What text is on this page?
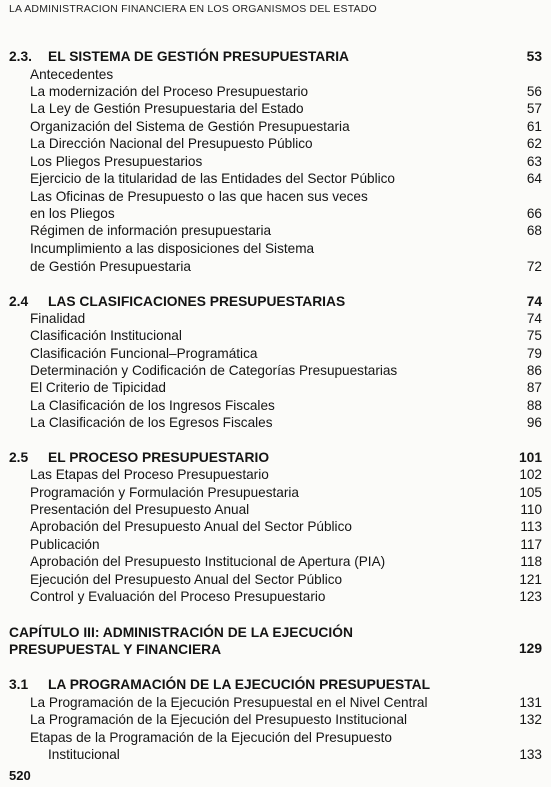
LA ADMINISTRACION FINANCIERA EN LOS ORGANISMOS DEL ESTADO
2.3. EL SISTEMA DE GESTIÓN PRESUPUESTARIA	53
Antecedentes
La modernización del Proceso Presupuestario	56
La Ley de Gestión Presupuestaria del Estado	57
Organización del Sistema de Gestión Presupuestaria	61
La Dirección Nacional del Presupuesto Público	62
Los Pliegos Presupuestarios	63
Ejercicio de la titularidad de las Entidades del Sector Público	64
Las Oficinas de Presupuesto o las que hacen sus veces
en los Pliegos	66
Régimen de información presupuestaria	68
Incumplimiento a las disposiciones del Sistema
de Gestión Presupuestaria	72
2.4 LAS CLASIFICACIONES PRESUPUESTARIAS	74
Finalidad	74
Clasificación Institucional	75
Clasificación Funcional–Programática	79
Determinación y Codificación de Categorías Presupuestarias	86
El Criterio de Tipicidad	87
La Clasificación de los Ingresos Fiscales	88
La Clasificación de los Egresos Fiscales	96
2.5 EL PROCESO PRESUPUESTARIO	101
Las Etapas del Proceso Presupuestario	102
Programación y Formulación Presupuestaria	105
Presentación del Presupuesto Anual	110
Aprobación del Presupuesto Anual del Sector Público	113
Publicación	117
Aprobación del Presupuesto Institucional de Apertura (PIA)	118
Ejecución del Presupuesto Anual del Sector Público	121
Control y Evaluación del Proceso Presupuestario	123
CAPÍTULO III: ADMINISTRACIÓN DE LA EJECUCIÓN
PRESUPUESTAL Y FINANCIERA	129
3.1 LA PROGRAMACIÓN DE LA EJECUCIÓN PRESUPUESTAL
La Programación de la Ejecución Presupuestal en el Nivel Central	131
La Programación de la Ejecución del Presupuesto Institucional	132
Etapas de la Programación de la Ejecución del Presupuesto
Institucional	133
520
